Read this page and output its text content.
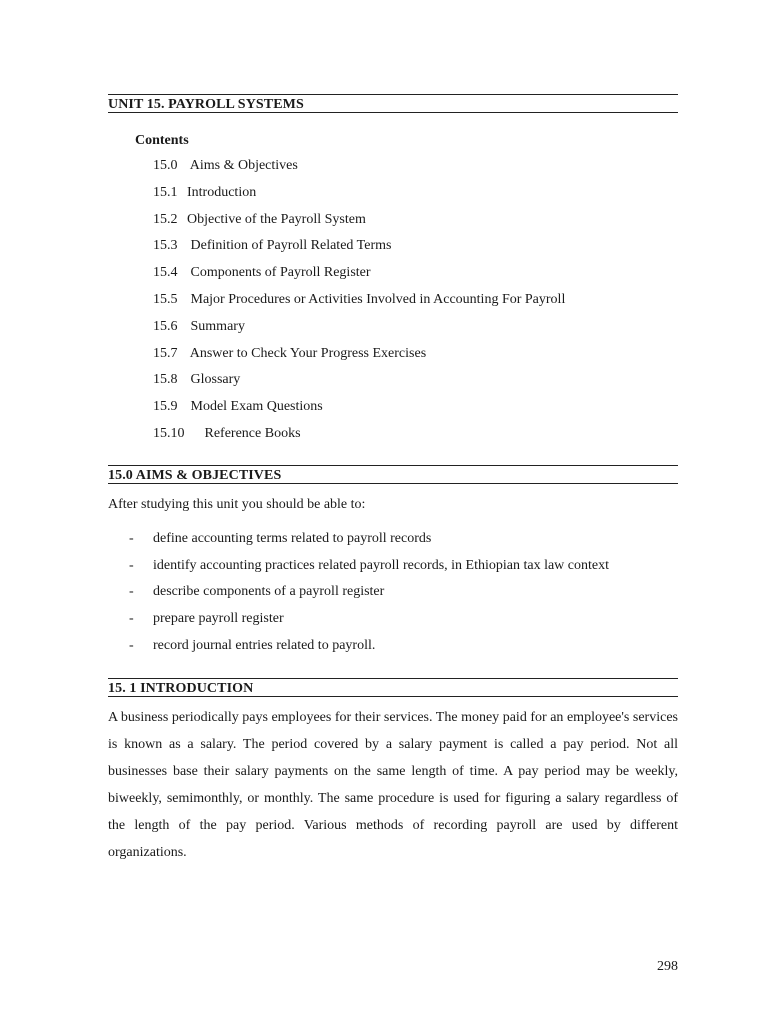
UNIT 15. PAYROLL SYSTEMS
Contents
15.0 Aims & Objectives
15.1 Introduction
15.2 Objective of the Payroll System
15.3 Definition of Payroll Related Terms
15.4 Components of Payroll Register
15.5 Major Procedures or Activities Involved in Accounting For Payroll
15.6 Summary
15.7 Answer to Check Your Progress Exercises
15.8 Glossary
15.9 Model Exam Questions
15.10 Reference Books
15.0 AIMS & OBJECTIVES
After studying this unit you should be able to:
- define accounting terms related to payroll records
- identify accounting practices related payroll records, in Ethiopian tax law context
- describe components of a payroll register
- prepare payroll register
- record journal entries related to payroll.
15. 1 INTRODUCTION

A business periodically pays employees for their services. The money paid for an employee's services is known as a salary. The period covered by a salary payment is called a pay period. Not all businesses base their salary payments on the same length of time. A pay period may be weekly, biweekly, semimonthly, or monthly. The same procedure is used for figuring a salary regardless of the length of the pay period. Various methods of recording payroll are used by different organizations.

298
